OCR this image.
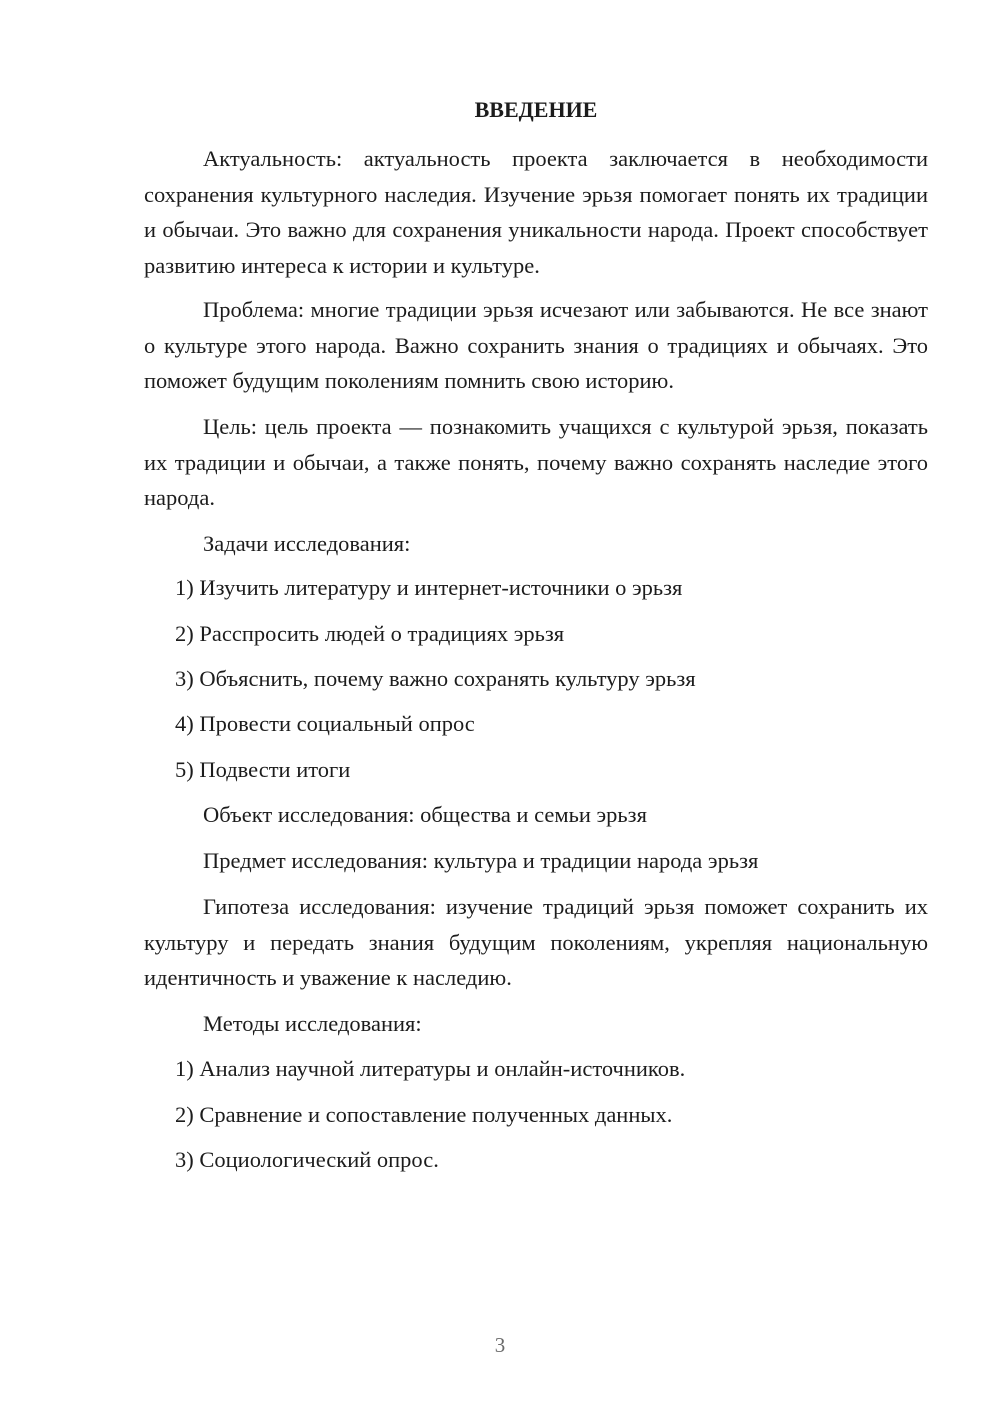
ВВЕДЕНИЕ

Актуальность: актуальность проекта заключается в необходимости сохранения культурного наследия. Изучение эрьзя помогает понять их традиции и обычаи. Это важно для сохранения уникальности народа. Проект способствует развитию интереса к истории и культуре.

Проблема: многие традиции эрьзя исчезают или забываются. Не все знают о культуре этого народа. Важно сохранить знания о традициях и обычаях. Это поможет будущим поколениям помнить свою историю.

Цель: цель проекта — познакомить учащихся с культурой эрьзя, показать их традиции и обычаи, а также понять, почему важно сохранять наследие этого народа.

Задачи исследования:

1) Изучить литературу и интернет-источники о эрьзя

2) Расспросить людей о традициях эрьзя

3) Объяснить, почему важно сохранять культуру эрьзя

4) Провести социальный опрос

5) Подвести итоги

Объект исследования: общества и семьи эрьзя

Предмет исследования: культура и традиции народа эрьзя

Гипотеза исследования: изучение традиций эрьзя поможет сохранить их культуру и передать знания будущим поколениям, укрепляя национальную идентичность и уважение к наследию.

Методы исследования:

1) Анализ научной литературы и онлайн-источников.

2) Сравнение и сопоставление полученных данных.

3) Социологический опрос.

3
